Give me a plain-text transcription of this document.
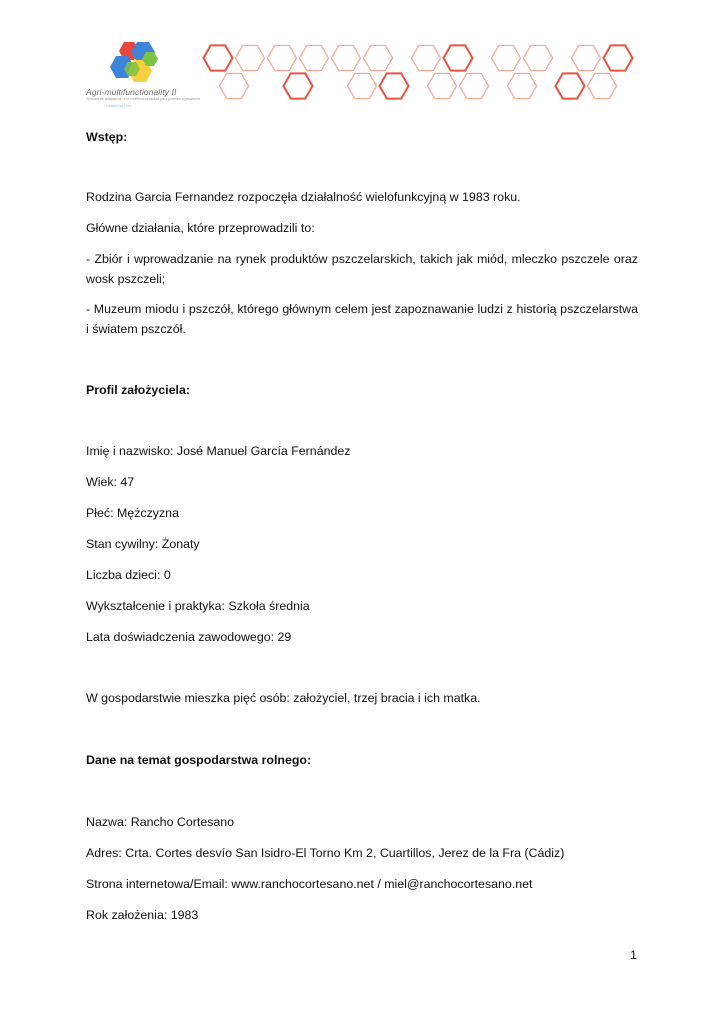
Agri-multifunctionality II
Sistema de adaptación a la multifuncionalidad para jóvenes agricultores
Leonardo da Vinci

Wstęp:

Rodzina Garcia Fernandez rozpoczęła działalność wielofunkcyjną w 1983 roku.

Główne działania, które przeprowadzili to:

- Zbiór i wprowadzanie na rynek produktów pszczelarskich, takich jak miód, mleczko pszczele oraz wosk pszczeli;

- Muzeum miodu i pszczół, którego głównym celem jest zapoznawanie ludzi z historią pszczelarstwa i światem pszczół.

Profil założyciela:

Imię i nazwisko: José Manuel García Fernández

Wiek: 47

Płeć: Mężczyzna

Stan cywilny: Żonaty

Liczba dzieci: 0

Wykształcenie i praktyka: Szkoła średnia

Lata doświadczenia zawodowego: 29

W gospodarstwie mieszka pięć osób: założyciel, trzej bracia i ich matka.

Dane na temat gospodarstwa rolnego:

Nazwa: Rancho Cortesano

Adres: Crta. Cortes desvío San Isidro-El Torno Km 2, Cuartillos, Jerez de la Fra (Cádiz)

Strona internetowa/Email: www.ranchocortesano.net / miel@ranchocortesano.net

Rok założenia: 1983

1
